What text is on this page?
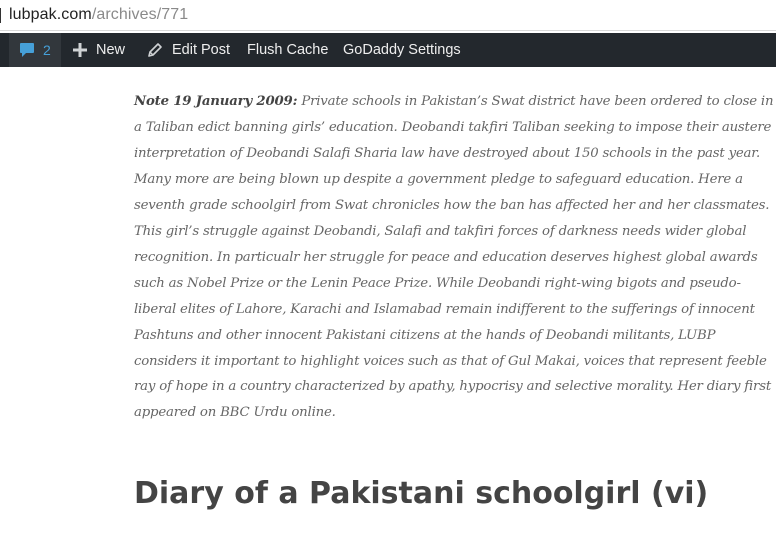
lubpak.com/archives/771
2	New	Edit Post Flush Cache GoDaddy Settings

Note 19 January 2009: Private schools in Pakistan’s Swat district have been ordered to close in a Taliban edict banning girls’ education. Deobandi takfiri Taliban seeking to impose their austere interpretation of Deobandi Salafi Sharia law have destroyed about 150 schools in the past year. Many more are being blown up despite a government pledge to safeguard education. Here a seventh grade schoolgirl from Swat chronicles how the ban has affected her and her classmates. This girl’s struggle against Deobandi, Salafi and takfiri forces of darkness needs wider global recognition. In particualr her struggle for peace and education deserves highest global awards such as Nobel Prize or the Lenin Peace Prize. While Deobandi right-wing bigots and pseudo-liberal elites of Lahore, Karachi and Islamabad remain indifferent to the sufferings of innocent Pashtuns and other innocent Pakistani citizens at the hands of Deobandi militants, LUBP considers it important to highlight voices such as that of Gul Makai, voices that represent feeble ray of hope in a country characterized by apathy, hypocrisy and selective morality. Her diary first appeared on BBC Urdu online.

Diary of a Pakistani schoolgirl (vi)
